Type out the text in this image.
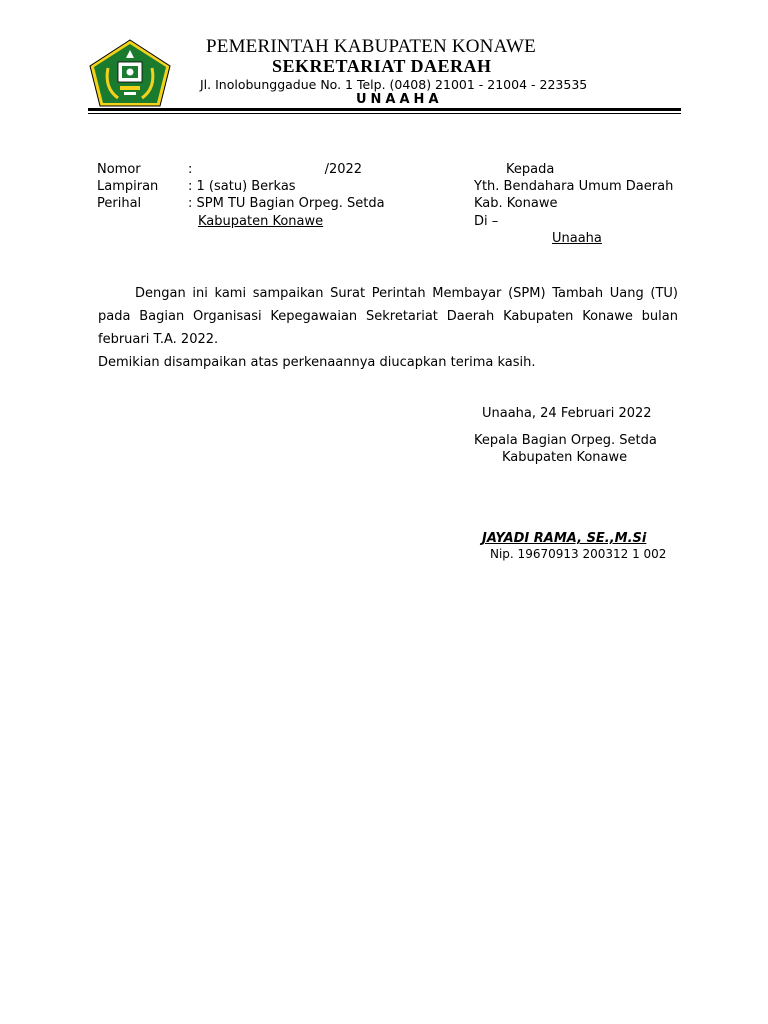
PEMERINTAH KABUPATEN KONAWE
SEKRETARIAT DAERAH
Jl. Inolobunggadue No. 1 Telp. (0408) 21001 - 21004 - 223535
UNAAHA
Nomor	:                                /2022
Lampiran : 1 (satu) Berkas
Perihal	: SPM TU Bagian Orpeg. Setda
Kabupaten Konawe
Kepada
Yth. Bendahara Umum Daerah
Kab. Konawe
Di –
Unaaha

Dengan ini kami sampaikan Surat Perintah Membayar (SPM) Tambah Uang (TU) pada Bagian Organisasi Kepegawaian Sekretariat Daerah Kabupaten Konawe bulan februari T.A. 2022.

Demikian disampaikan atas perkenaannya diucapkan terima kasih.

Unaaha, 24 Februari 2022
Kepala Bagian Orpeg. Setda
Kabupaten Konawe
JAYADI RAMA, SE.,M.Si
Nip. 19670913 200312 1 002
